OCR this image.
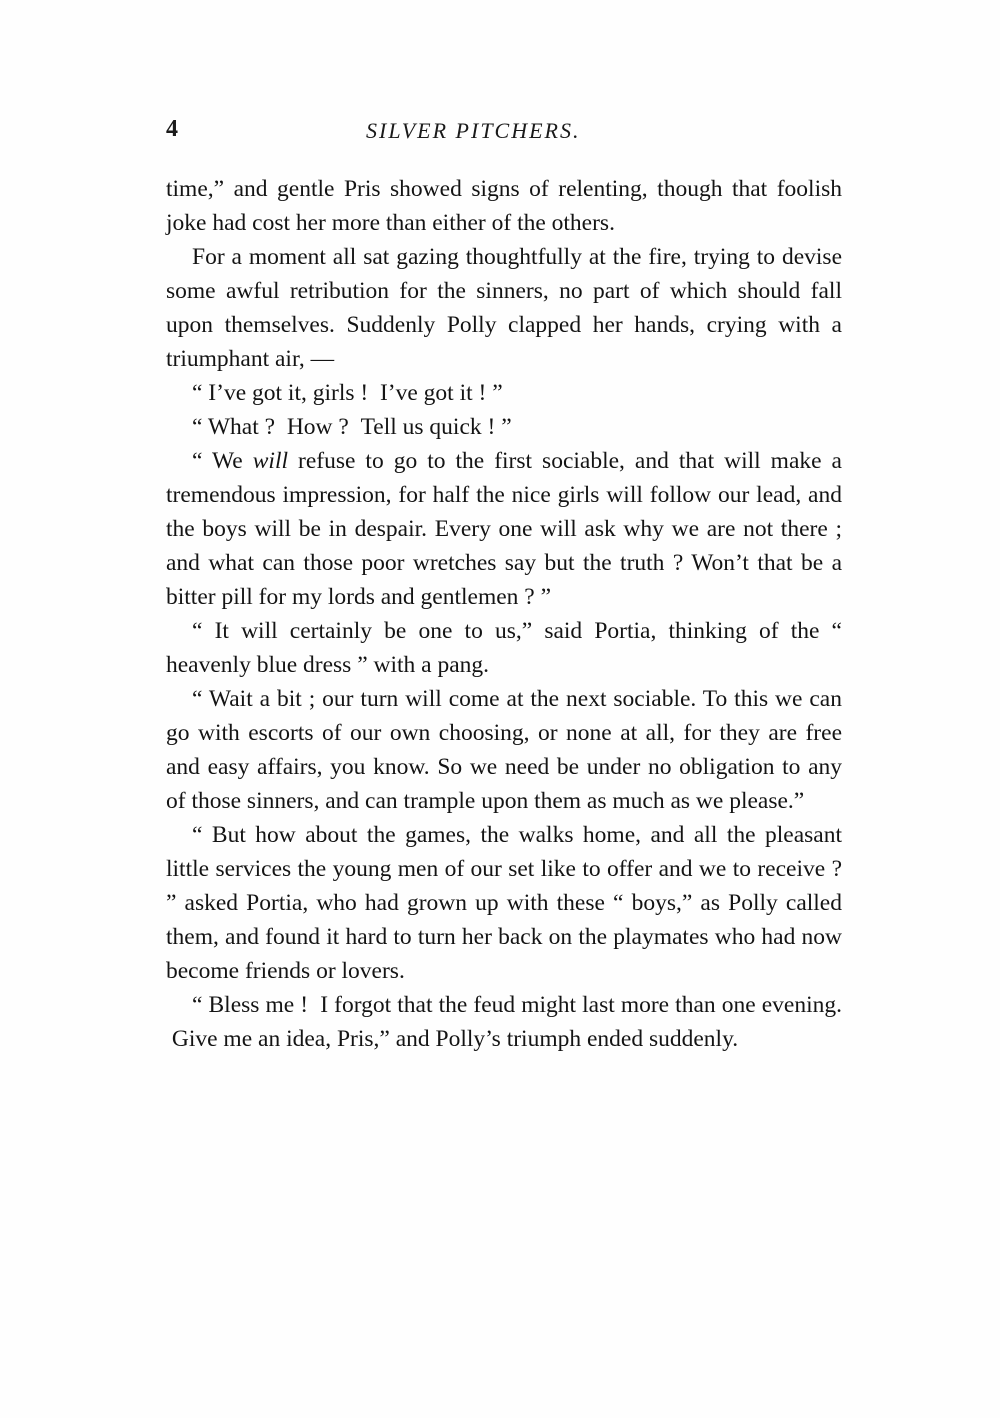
4	SILVER PITCHERS.

time,” and gentle Pris showed signs of relenting, though that foolish joke had cost her more than either of the others.

For a moment all sat gazing thoughtfully at the fire, trying to devise some awful retribution for the sinners, no part of which should fall upon themselves. Suddenly Polly clapped her hands, crying with a triumphant air, —

“ I’ve got it, girls !  I’ve got it ! ”

“ What ?  How ?  Tell us quick ! ”

“ We will refuse to go to the first sociable, and that will make a tremendous impression, for half the nice girls will follow our lead, and the boys will be in despair. Every one will ask why we are not there ; and what can those poor wretches say but the truth ? Won’t that be a bitter pill for my lords and gentlemen ? ”

“ It will certainly be one to us,” said Portia, thinking of the “ heavenly blue dress ” with a pang.

“ Wait a bit ; our turn will come at the next sociable. To this we can go with escorts of our own choosing, or none at all, for they are free and easy affairs, you know. So we need be under no obligation to any of those sinners, and can trample upon them as much as we please.”

“ But how about the games, the walks home, and all the pleasant little services the young men of our set like to offer and we to receive ? ” asked Portia, who had grown up with these “ boys,” as Polly called them, and found it hard to turn her back on the playmates who had now become friends or lovers.

“ Bless me !  I forgot that the feud might last more than one evening.  Give me an idea, Pris,” and Polly’s triumph ended suddenly.
